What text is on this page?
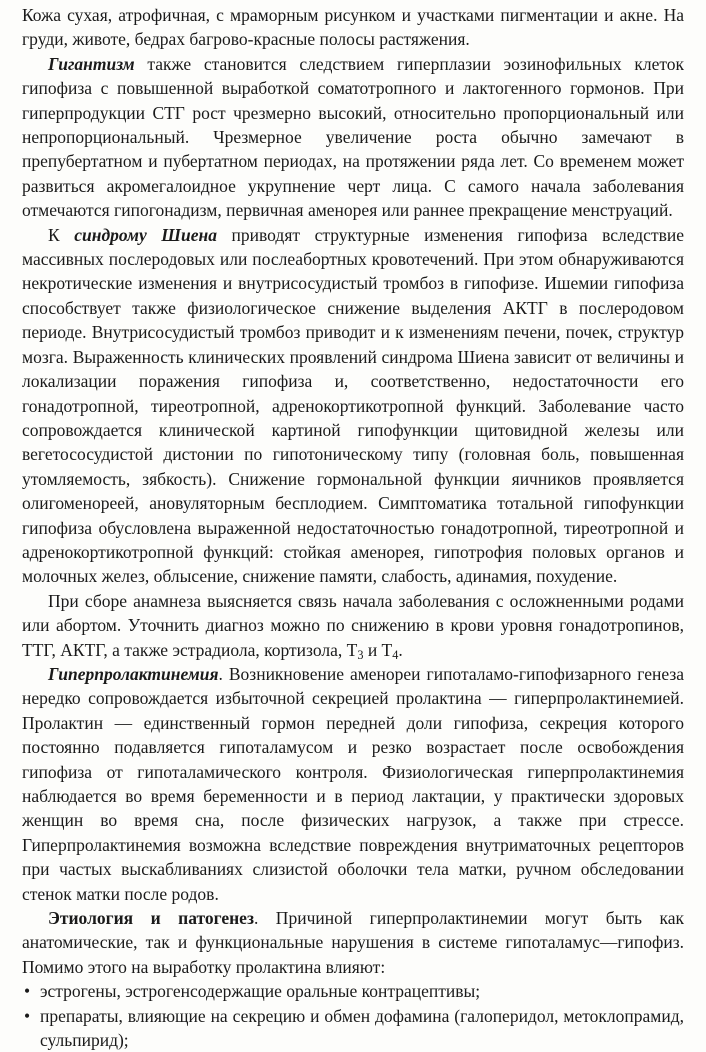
Кожа сухая, атрофичная, с мраморным рисунком и участками пигментации и акне. На груди, животе, бедрах багрово-красные полосы растяжения.

Гигантизм также становится следствием гиперплазии эозинофильных клеток гипофиза с повышенной выработкой соматотропного и лактогенного гормонов. При гиперпродукции СТГ рост чрезмерно высокий, относительно пропорциональный или непропорциональный. Чрезмерное увеличение роста обычно замечают в препубертатном и пубертатном периодах, на протяжении ряда лет. Со временем может развиться акромегалоидное укрупнение черт лица. С самого начала заболевания отмечаются гипогонадизм, первичная аменорея или раннее прекращение менструаций.

К синдрому Шиена приводят структурные изменения гипофиза вследствие массивных послеродовых или послеабортных кровотечений. При этом обнаруживаются некротические изменения и внутрисосудистый тромбоз в гипофизе. Ишемии гипофиза способствует также физиологическое снижение выделения АКТГ в послеродовом периоде. Внутрисосудистый тромбоз приводит и к изменениям печени, почек, структур мозга. Выраженность клинических проявлений синдрома Шиена зависит от величины и локализации поражения гипофиза и, соответственно, недостаточности его гонадотропной, тиреотропной, адренокортикотропной функций. Заболевание часто сопровождается клинической картиной гипофункции щитовидной железы или вегетососудистой дистонии по гипотоническому типу (головная боль, повышенная утомляемость, зябкость). Снижение гормональной функции яичников проявляется олигоменореей, ановуляторным бесплодием. Симптоматика тотальной гипофункции гипофиза обусловлена выраженной недостаточностью гонадотропной, тиреотропной и адренокортикотропной функций: стойкая аменорея, гипотрофия половых органов и молочных желез, облысение, снижение памяти, слабость, адинамия, похудение.

При сборе анамнеза выясняется связь начала заболевания с осложненными родами или абортом. Уточнить диагноз можно по снижению в крови уровня гонадотропинов, ТТГ, АКТГ, а также эстрадиола, кортизола, $Т_3$ и $Т_4$.

Гиперпролактинемия. Возникновение аменореи гипоталамо-гипофизарного генеза нередко сопровождается избыточной секрецией пролактина — гиперпролактинемией. Пролактин — единственный гормон передней доли гипофиза, секреция которого постоянно подавляется гипоталамусом и резко возрастает после освобождения гипофиза от гипоталамического контроля. Физиологическая гиперпролактинемия наблюдается во время беременности и в период лактации, у практически здоровых женщин во время сна, после физических нагрузок, а также при стрессе. Гиперпролактинемия возможна вследствие повреждения внутриматочных рецепторов при частых выскабливаниях слизистой оболочки тела матки, ручном обследовании стенок матки после родов.

Этиология и патогенез. Причиной гиперпролактинемии могут быть как анатомические, так и функциональные нарушения в системе гипоталамус—гипофиз. Помимо этого на выработку пролактина влияют:

• эстрогены, эстрогенсодержащие оральные контрацептивы;
• препараты, влияющие на секрецию и обмен дофамина (галоперидол, метоклопрамид, сульпирид);
